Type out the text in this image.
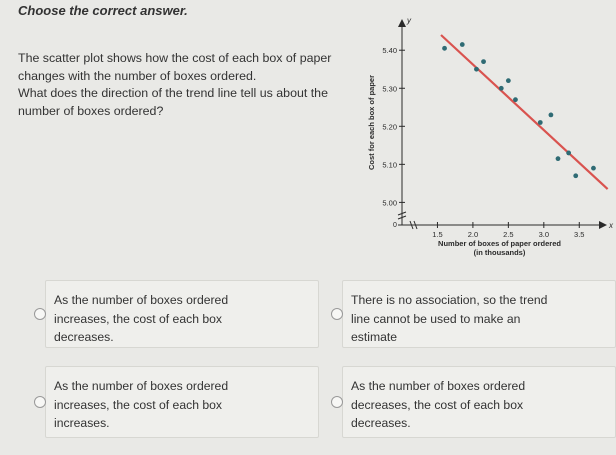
Choose the correct answer.

The scatter plot shows how the cost of each box of paper

changes with the number of boxes ordered.

What does the direction of the trend line tell us about the

number of boxes ordered?

y
x
0
5.00
5.10
5.20
5.30
5.40
1.5	2.0	2.5	3.0	3.5
Number of boxes of paper ordered
(in thousands)
Cost for each box of paper
As the number of boxes ordered
increases, the cost of each box
decreases.
There is no association, so the trend
line cannot be used to make an
estimate
As the number of boxes ordered
increases, the cost of each box
increases.
As the number of boxes ordered
decreases, the cost of each box
decreases.
